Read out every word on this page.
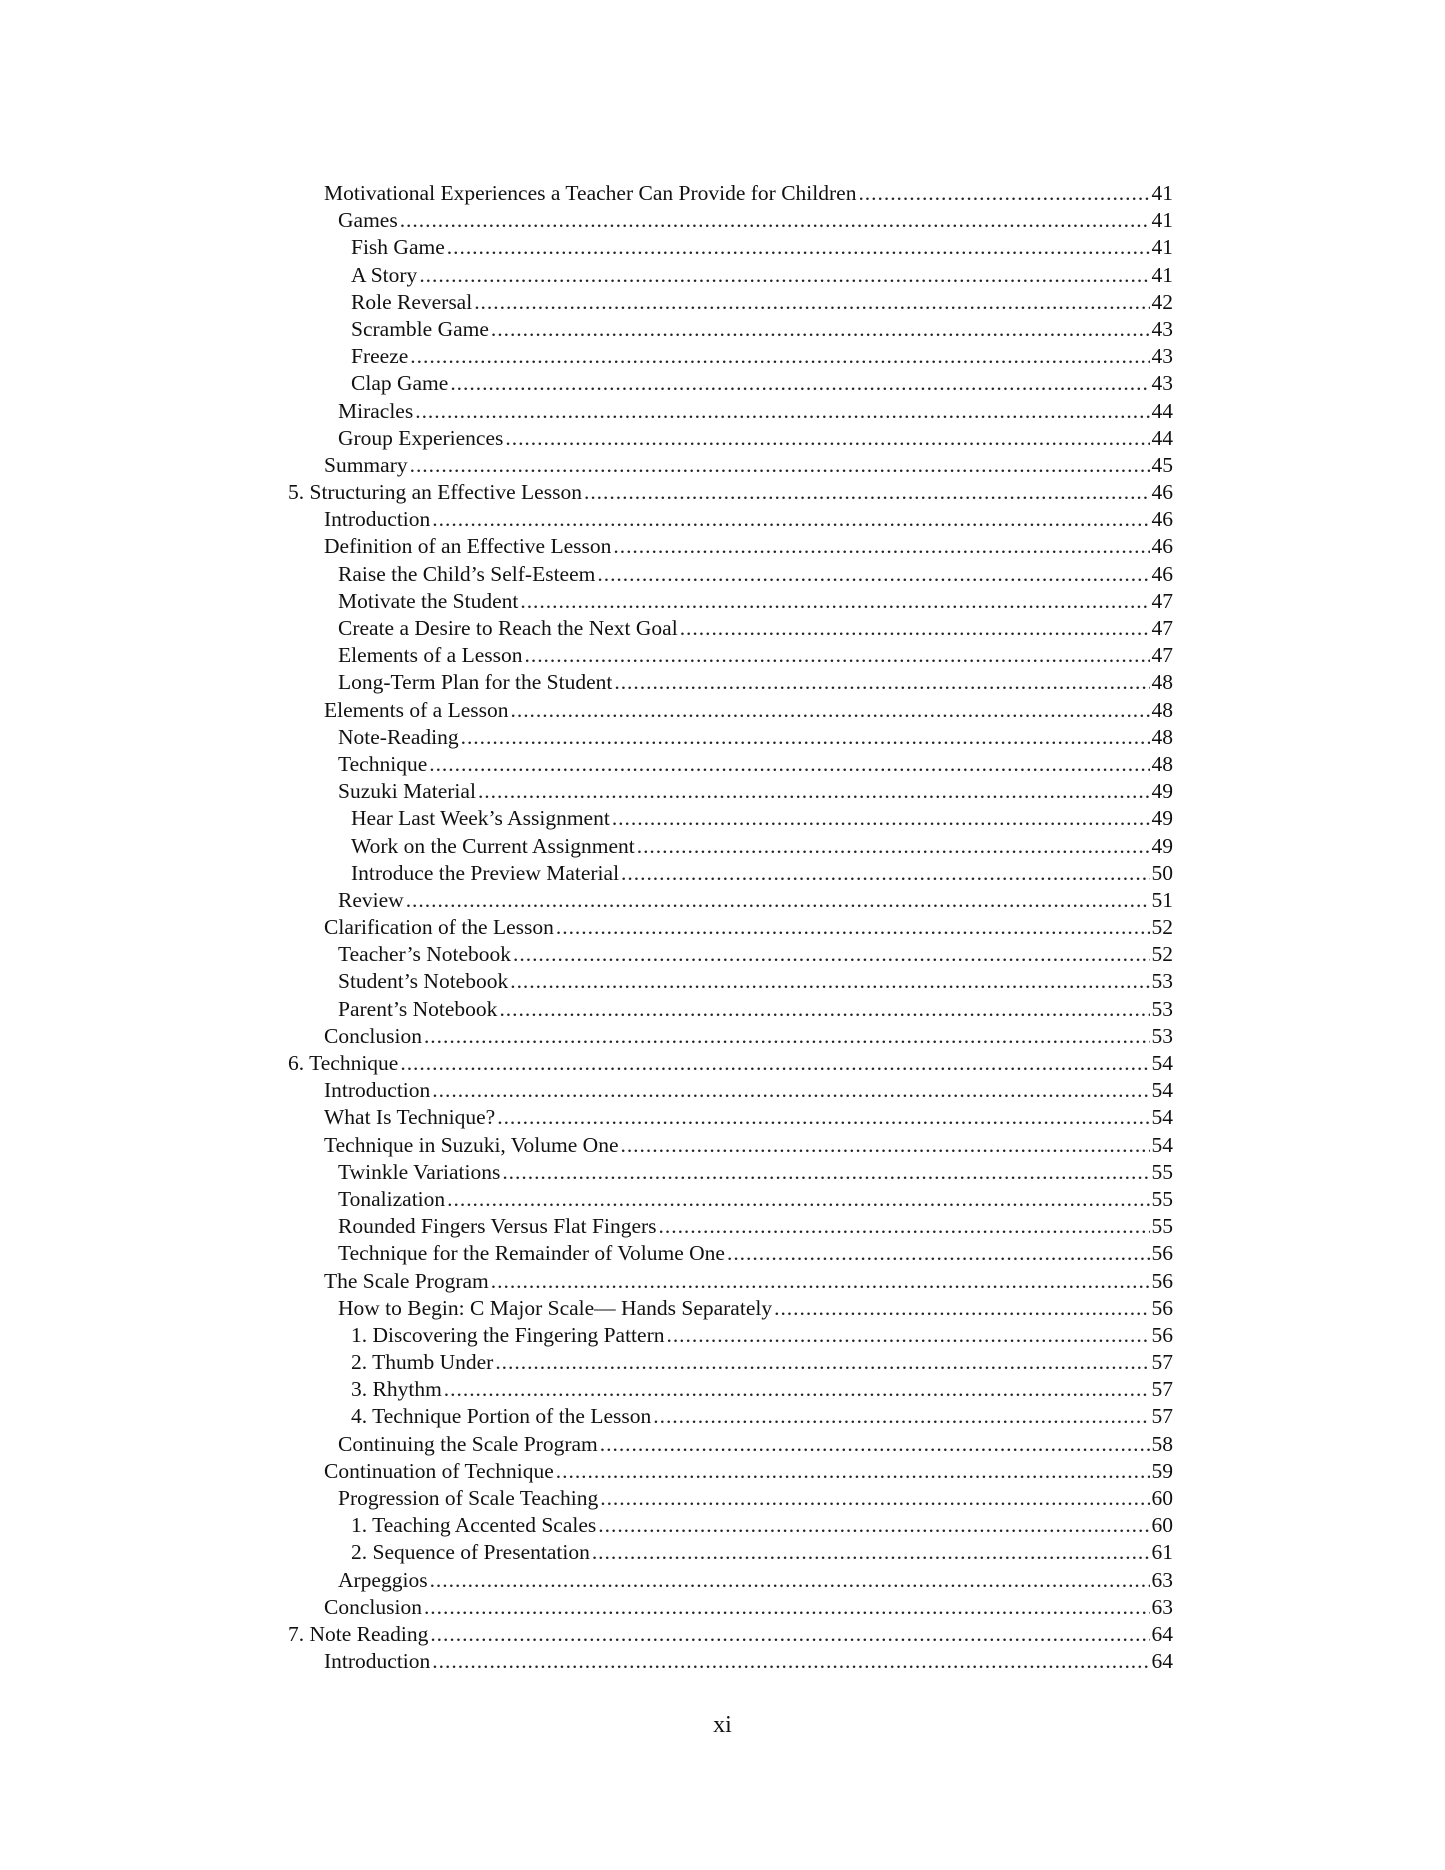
Motivational Experiences a Teacher Can Provide for Children . . .	41
Games . . .	41
Fish Game . . .	41
A Story . . .	41
Role Reversal . . .	42
Scramble Game . . .	43
Freeze . . .	43
Clap Game . . .	43
Miracles . . .	44
Group Experiences . . .	44
Summary . . .	45
5. Structuring an Effective Lesson . . .	46
Introduction . . .	46
Definition of an Effective Lesson . . .	46
Raise the Child’s Self-Esteem . . .	46
Motivate the Student . . .	47
Create a Desire to Reach the Next Goal . . .	47
Elements of a Lesson . . .	47
Long-Term Plan for the Student . . .	48
Elements of a Lesson . . .	48
Note-Reading . . .	48
Technique . . .	48
Suzuki Material . . .	49
Hear Last Week’s Assignment . . .	49
Work on the Current Assignment . . .	49
Introduce the Preview Material . . .	50
Review . . .	51
Clarification of the Lesson . . .	52
Teacher’s Notebook . . .	52
Student’s Notebook . . .	53
Parent’s Notebook . . .	53
Conclusion . . .	53
6. Technique . . .	54
Introduction . . .	54
What Is Technique? . . .	54
Technique in Suzuki, Volume One . . .	54
Twinkle Variations . . .	55
Tonalization . . .	55
Rounded Fingers Versus Flat Fingers . . .	55
Technique for the Remainder of Volume One . . .	56
The Scale Program . . .	56
How to Begin: C Major Scale— Hands Separately . . .	56
1. Discovering the Fingering Pattern . . .	56
2. Thumb Under . . .	57
3. Rhythm . . .	57
4. Technique Portion of the Lesson . . .	57
Continuing the Scale Program . . .	58
Continuation of Technique . . .	59
Progression of Scale Teaching . . .	60
1. Teaching Accented Scales . . .	60
2. Sequence of Presentation . . .	61
Arpeggios . . .	63
Conclusion . . .	63
7. Note Reading . . .	64
Introduction . . .	64
xi
